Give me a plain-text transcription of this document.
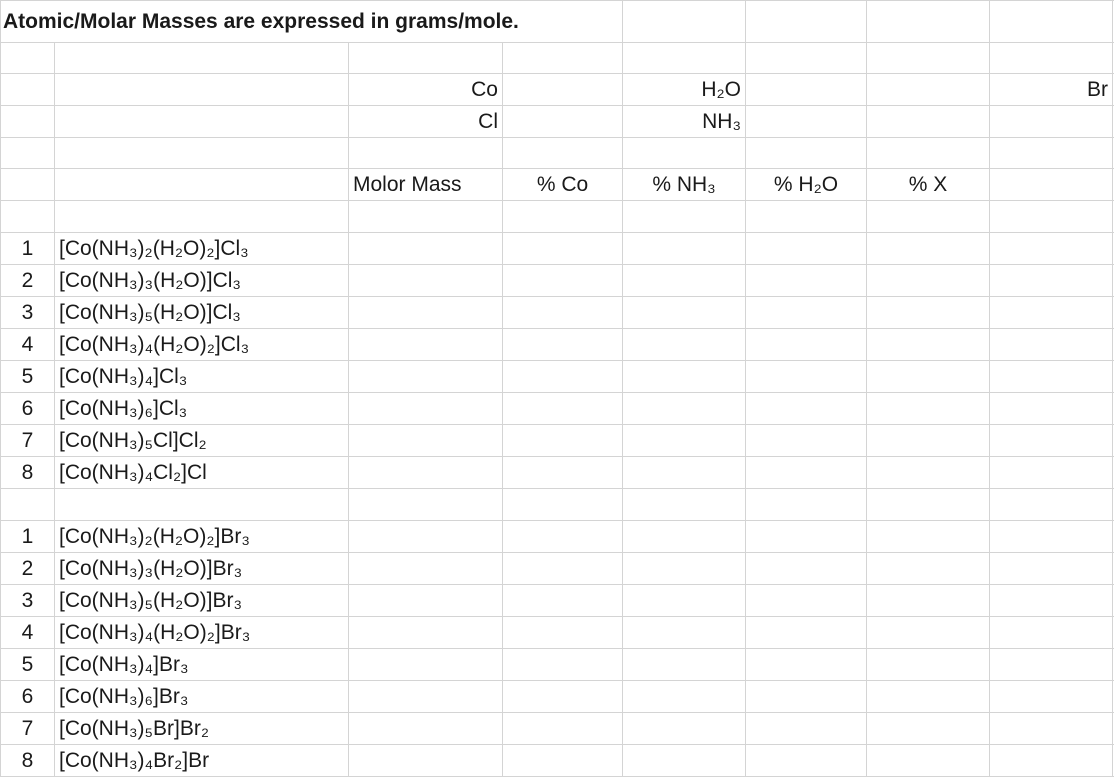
Atomic/Molar Masses are expressed in grams/mole.								

		Co		H₂O			Br	
		Cl		NH₃				

		Molor Mass	% Co	% NH₃	% H₂O	% X		

1	[Co(NH₃)₂(H₂O)₂]Cl₃							
2	[Co(NH₃)₃(H₂O)]Cl₃							
3	[Co(NH₃)₅(H₂O)]Cl₃							
4	[Co(NH₃)₄(H₂O)₂]Cl₃							
5	[Co(NH₃)₄]Cl₃							
6	[Co(NH₃)₆]Cl₃							
7	[Co(NH₃)₅Cl]Cl₂							
8	[Co(NH₃)₄Cl₂]Cl							

1	[Co(NH₃)₂(H₂O)₂]Br₃							
2	[Co(NH₃)₃(H₂O)]Br₃							
3	[Co(NH₃)₅(H₂O)]Br₃							
4	[Co(NH₃)₄(H₂O)₂]Br₃							
5	[Co(NH₃)₄]Br₃							
6	[Co(NH₃)₆]Br₃							
7	[Co(NH₃)₅Br]Br₂							
8	[Co(NH₃)₄Br₂]Br							
